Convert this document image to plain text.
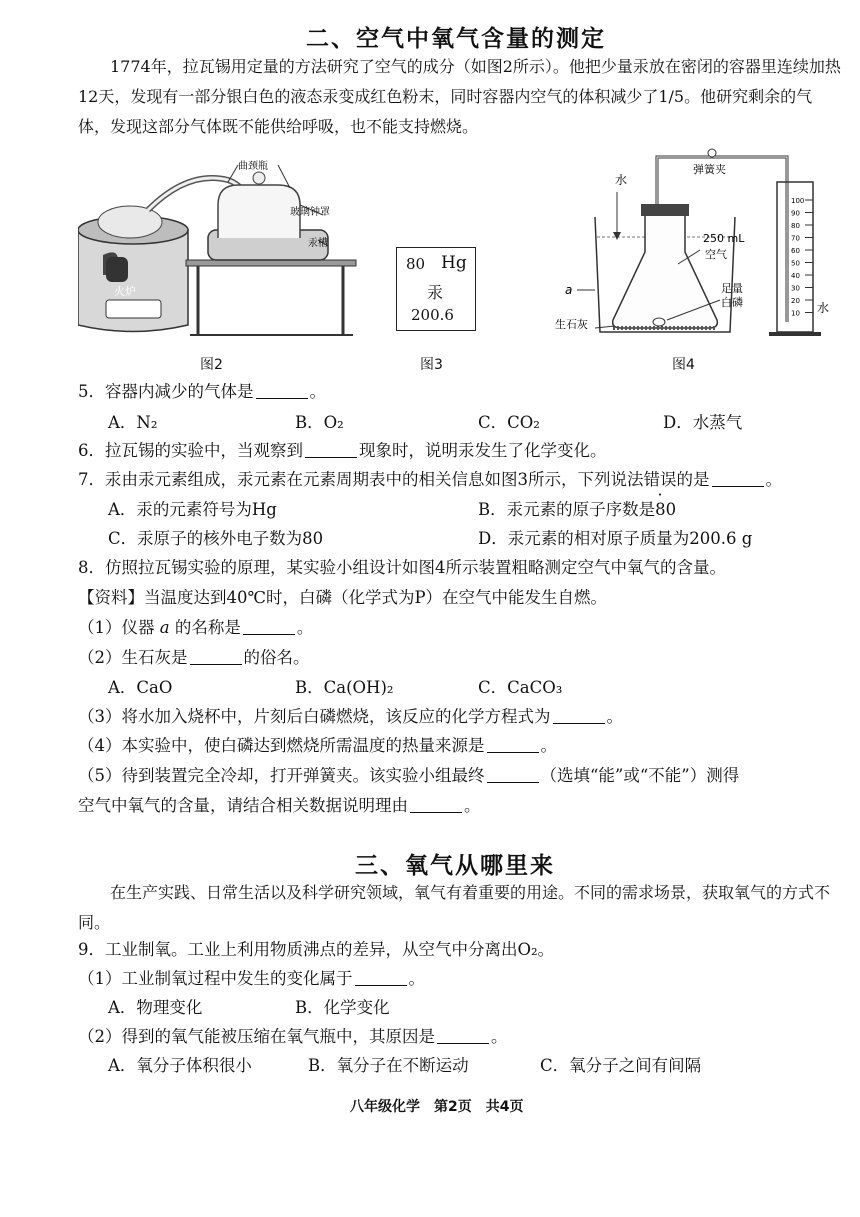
二、空气中氧气含量的测定
1774年，拉瓦锡用定量的方法研究了空气的成分（如图2所示）。他把少量汞放在密闭的容器里连续加热12天，发现有一部分银白色的液态汞变成红色粉末，同时容器内空气的体积减少了1/5。他研究剩余的气体，发现这部分气体既不能供给呼吸，也不能支持燃烧。
曲颈瓶
玻璃钟罩
汞槽
火炉
图2
80 Hg
汞
200.6
图3
100
90
80
70
60
50
40
30
20
10
水
弹簧夹
250 mL
空气
足量
白磷
a
生石灰
水
图4
5．容器内减少的气体是	。
A．N₂	B．O₂	C．CO₂	D．水蒸气
6．拉瓦锡的实验中，当观察到	现象时，说明汞发生了化学变化。
7．汞由汞元素组成，汞元素在元素周期表中的相关信息如图3所示，下列说法错误的是	。
A．汞的元素符号为Hg	B．汞元素的原子序数是80
C．汞原子的核外电子数为80	D．汞元素的相对原子质量为200.6 g
8．仿照拉瓦锡实验的原理，某实验小组设计如图4所示装置粗略测定空气中氧气的含量。
【资料】当温度达到40℃时，白磷（化学式为P）在空气中能发生自燃。
（1）仪器 a 的名称是	。
（2）生石灰是	的俗名。
A．CaO	B．Ca(OH)₂	C．CaCO₃
（3）将水加入烧杯中，片刻后白磷燃烧，该反应的化学方程式为	。
（4）本实验中，使白磷达到燃烧所需温度的热量来源是	。
（5）待到装置完全冷却，打开弹簧夹。该实验小组最终	（选填“能”或“不能”）测得
空气中氧气的含量，请结合相关数据说明理由	。
三、氧气从哪里来
在生产实践、日常生活以及科学研究领域，氧气有着重要的用途。不同的需求场景，获取氧气的方式不同。
9．工业制氧。工业上利用物质沸点的差异，从空气中分离出O₂。
（1）工业制氧过程中发生的变化属于	。
A．物理变化	B．化学变化
（2）得到的氧气能被压缩在氧气瓶中，其原因是	。
A．氧分子体积很小	B．氧分子在不断运动	C．氧分子之间有间隔
八年级化学　第2页　共4页
